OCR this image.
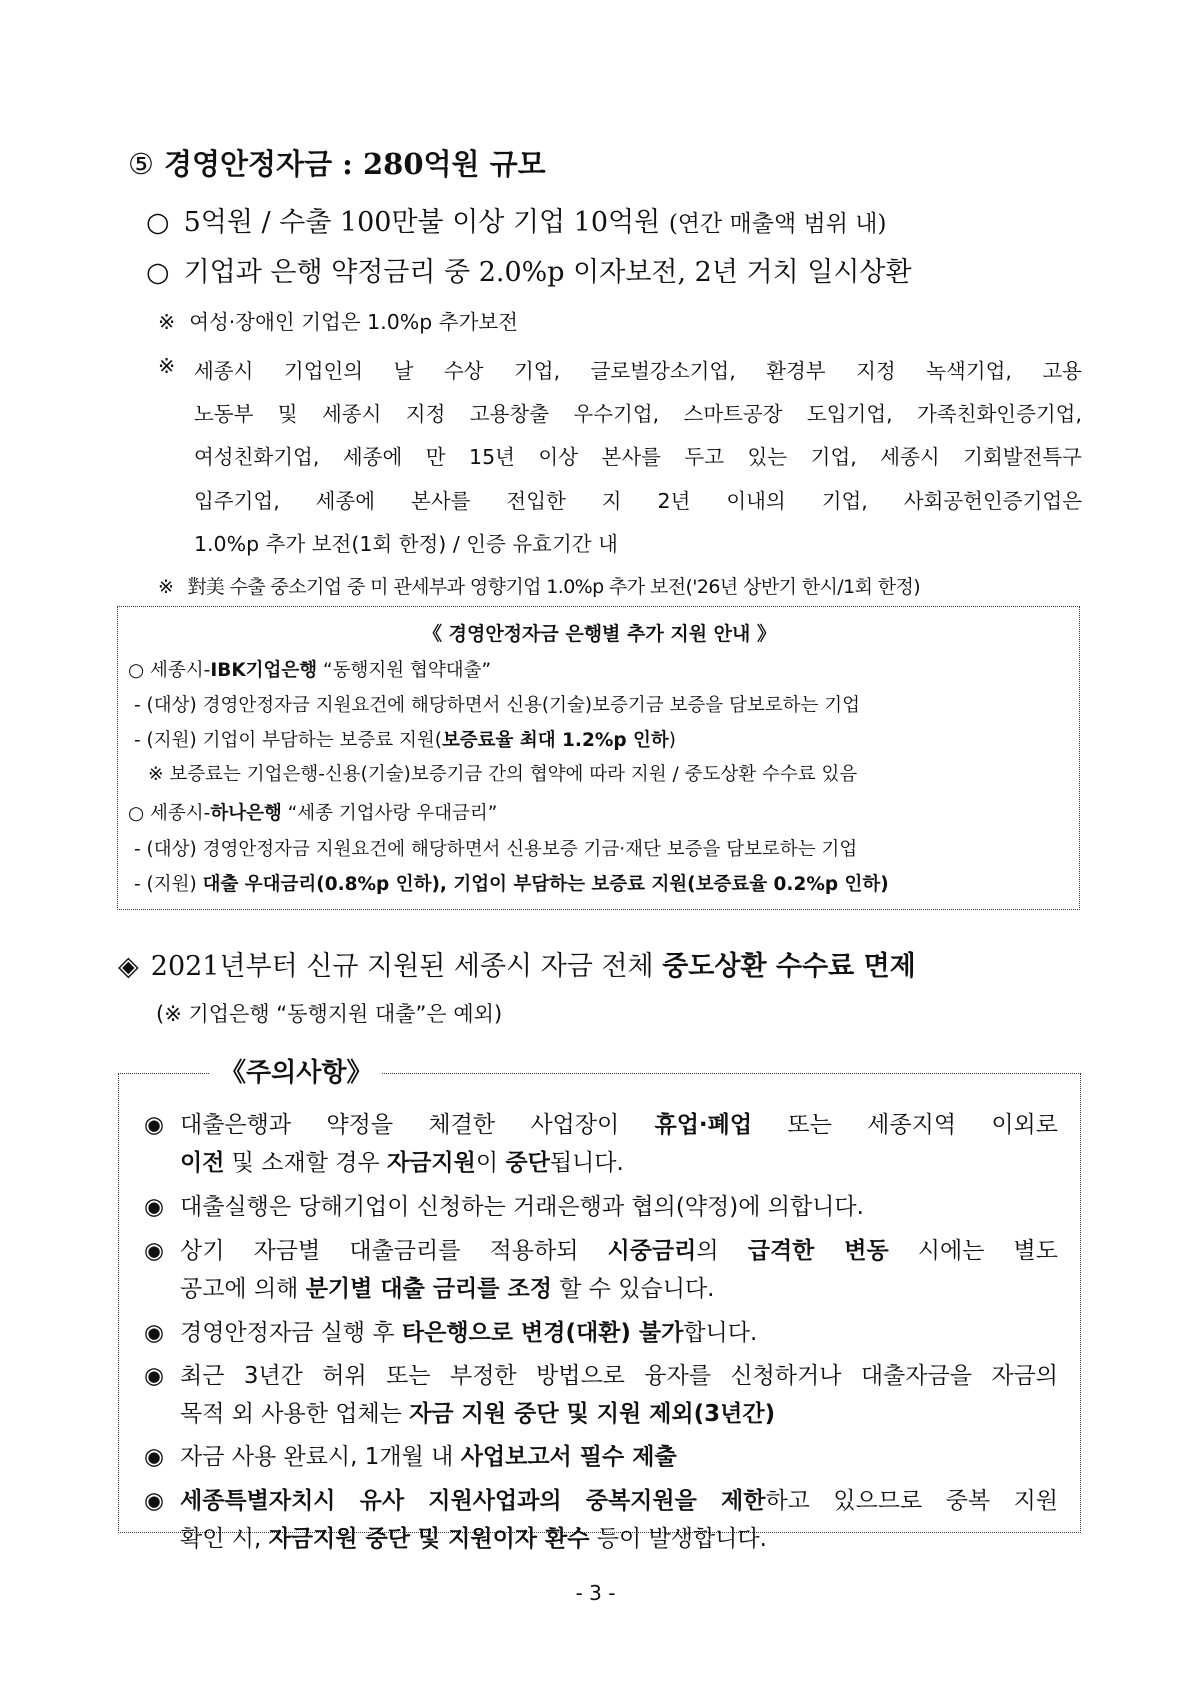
⑤ 경영안정자금 : 280억원 규모
○ 5억원 / 수출 100만불 이상 기업 10억원 (연간 매출액 범위 내)
○ 기업과 은행 약정금리 중 2.0%p 이자보전, 2년 거치 일시상환
※ 여성·장애인 기업은 1.0%p 추가보전
※ 세종시 기업인의 날 수상 기업, 글로벌강소기업, 환경부 지정 녹색기업, 고용
노동부 및 세종시 지정 고용창출 우수기업, 스마트공장 도입기업, 가족친화인증기업,
여성친화기업, 세종에 만 15년 이상 본사를 두고 있는 기업, 세종시 기회발전특구
입주기업, 세종에 본사를 전입한 지 2년 이내의 기업, 사회공헌인증기업은
1.0%p 추가 보전(1회 한정) / 인증 유효기간 내
※ 對美 수출 중소기업 중 미 관세부과 영향기업 1.0%p 추가 보전('26년 상반기 한시/1회 한정)
《 경영안정자금 은행별 추가 지원 안내 》
○ 세종시-IBK기업은행 “동행지원 협약대출”
- (대상) 경영안정자금 지원요건에 해당하면서 신용(기술)보증기금 보증을 담보로하는 기업
- (지원) 기업이 부담하는 보증료 지원(보증료율 최대 1.2%p 인하)
※ 보증료는 기업은행-신용(기술)보증기금 간의 협약에 따라 지원 / 중도상환 수수료 있음
○ 세종시-하나은행 “세종 기업사랑 우대금리”
- (대상) 경영안정자금 지원요건에 해당하면서 신용보증 기금·재단 보증을 담보로하는 기업
- (지원) 대출 우대금리(0.8%p 인하), 기업이 부담하는 보증료 지원(보증료율 0.2%p 인하)
◈ 2021년부터 신규 지원된 세종시 자금 전체 중도상환 수수료 면제
(※ 기업은행 “동행지원 대출”은 예외)
《주의사항》
◉ 대출은행과 약정을 체결한 사업장이 휴업·폐업 또는 세종지역 이외로
이전 및 소재할 경우 자금지원이 중단됩니다.
◉ 대출실행은 당해기업이 신청하는 거래은행과 협의(약정)에 의합니다.
◉ 상기 자금별 대출금리를 적용하되 시중금리의 급격한 변동 시에는 별도
공고에 의해 분기별 대출 금리를 조정 할 수 있습니다.
◉ 경영안정자금 실행 후 타은행으로 변경(대환) 불가합니다.
◉ 최근 3년간 허위 또는 부정한 방법으로 융자를 신청하거나 대출자금을 자금의
목적 외 사용한 업체는 자금 지원 중단 및 지원 제외(3년간)
◉ 자금 사용 완료시, 1개월 내 사업보고서 필수 제출
◉ 세종특별자치시 유사 지원사업과의 중복지원을 제한하고 있으므로 중복 지원
- 3 -
확인 시, 자금지원 중단 및 지원이자 환수 등이 발생합니다.
